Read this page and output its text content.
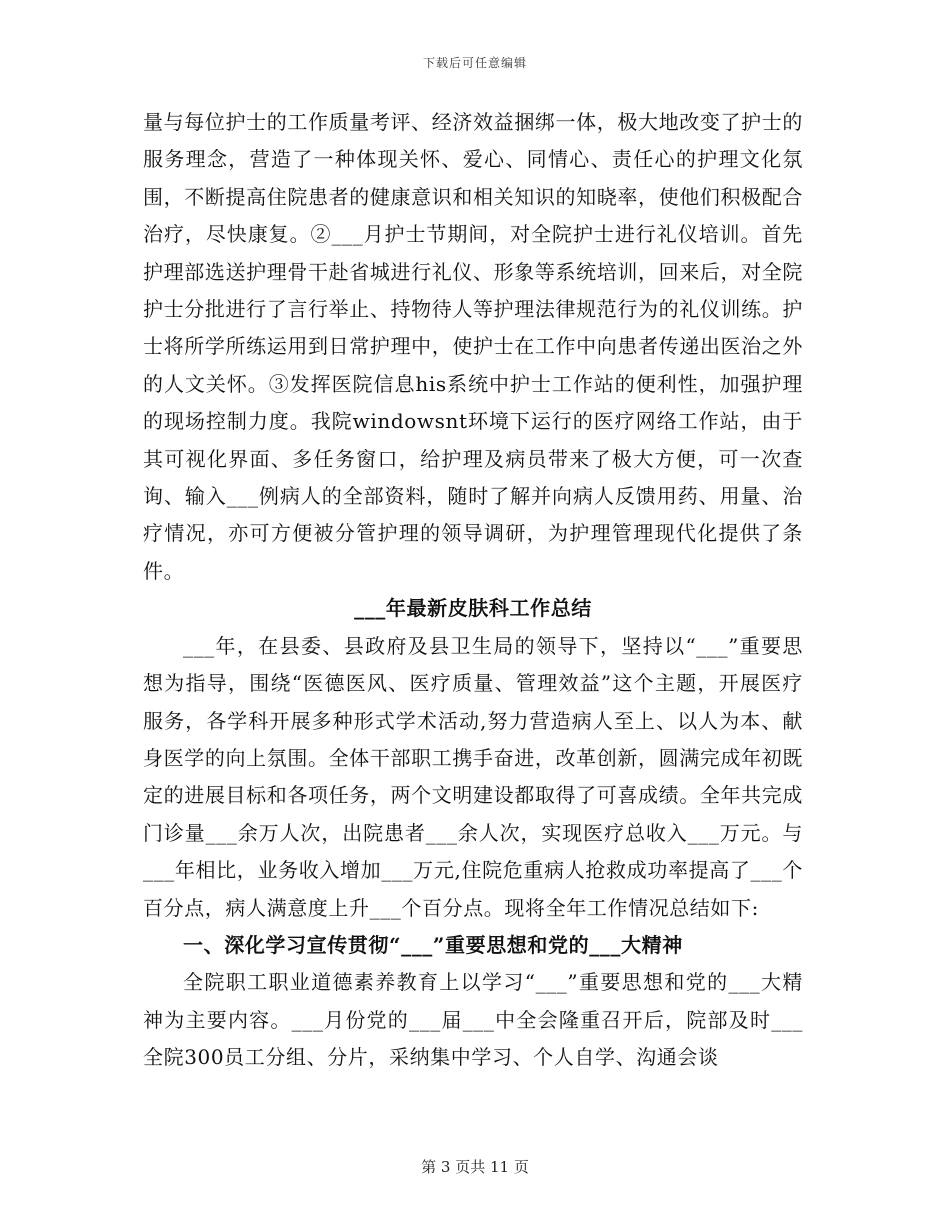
下载后可任意编辑

量与每位护士的工作质量考评、经济效益捆绑一体，极大地改变了护士的服务理念，营造了一种体现关怀、爱心、同情心、责任心的护理文化氛围，不断提高住院患者的健康意识和相关知识的知晓率，使他们积极配合治疗，尽快康复。②___月护士节期间，对全院护士进行礼仪培训。首先护理部选送护理骨干赴省城进行礼仪、形象等系统培训，回来后，对全院护士分批进行了言行举止、持物待人等护理法律规范行为的礼仪训练。护士将所学所练运用到日常护理中，使护士在工作中向患者传递出医治之外的人文关怀。③发挥医院信息his系统中护士工作站的便利性，加强护理的现场控制力度。我院windowsnt环境下运行的医疗网络工作站，由于其可视化界面、多任务窗口，给护理及病员带来了极大方便，可一次查询、输入___例病人的全部资料，随时了解并向病人反馈用药、用量、治疗情况，亦可方便被分管护理的领导调研，为护理管理现代化提供了条件。

___年最新皮肤科工作总结

___年，在县委、县政府及县卫生局的领导下，坚持以“___”重要思想为指导，围绕“医德医风、医疗质量、管理效益”这个主题，开展医疗服务，各学科开展多种形式学术活动,努力营造病人至上、以人为本、献身医学的向上氛围。全体干部职工携手奋进，改革创新，圆满完成年初既定的进展目标和各项任务，两个文明建设都取得了可喜成绩。全年共完成门诊量___余万人次，出院患者___余人次，实现医疗总收入___万元。与___年相比，业务收入增加___万元,住院危重病人抢救成功率提高了___个百分点，病人满意度上升___个百分点。现将全年工作情况总结如下:

一、深化学习宣传贯彻“___”重要思想和党的___大精神

全院职工职业道德素养教育上以学习“___”重要思想和党的___大精神为主要内容。___月份党的___届___中全会隆重召开后，院部及时___全院300员工分组、分片，采纳集中学习、个人自学、沟通会谈

第 3 页共 11 页
